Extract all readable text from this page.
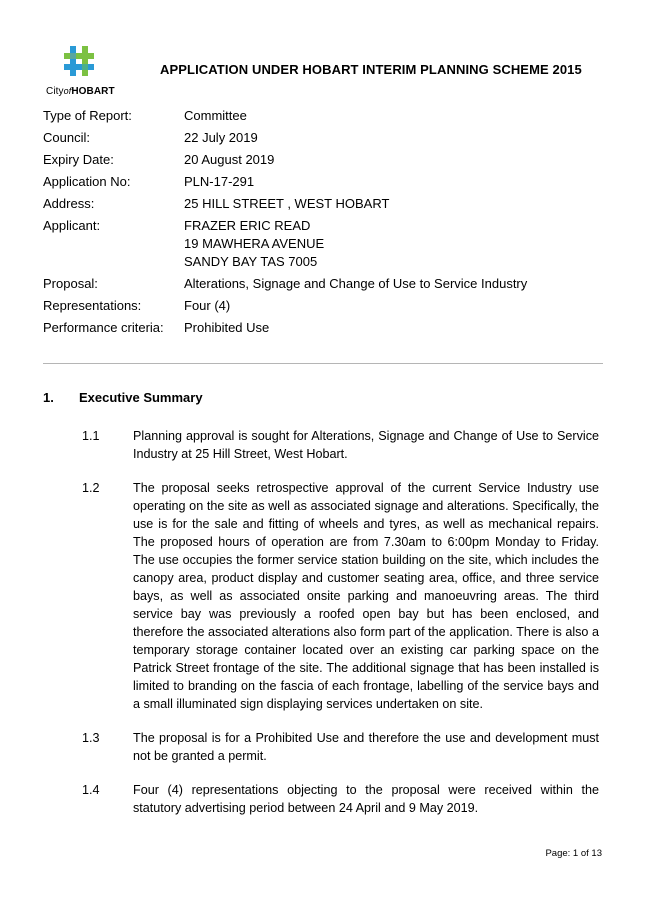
CityofHOBART
APPLICATION UNDER HOBART INTERIM PLANNING SCHEME 2015
Type of Report:	Committee
Council:	22 July 2019
Expiry Date:	20 August 2019
Application No:	PLN-17-291
Address:	25 HILL STREET , WEST HOBART
Applicant:	FRAZER ERIC READ
19 MAWHERA AVENUE
SANDY BAY TAS 7005
Proposal:	Alterations, Signage and Change of Use to Service Industry
Representations:	Four (4)
Performance criteria:	Prohibited Use
1.	Executive Summary
1.1	Planning approval is sought for Alterations, Signage and Change of Use to Service Industry at 25 Hill Street, West Hobart.
1.2	The proposal seeks retrospective approval of the current Service Industry use operating on the site as well as associated signage and alterations. Specifically, the use is for the sale and fitting of wheels and tyres, as well as mechanical repairs. The proposed hours of operation are from 7.30am to 6:00pm Monday to Friday. The use occupies the former service station building on the site, which includes the canopy area, product display and customer seating area, office, and three service bays, as well as associated onsite parking and manoeuvring areas. The third service bay was previously a roofed open bay but has been enclosed, and therefore the associated alterations also form part of the application. There is also a temporary storage container located over an existing car parking space on the Patrick Street frontage of the site. The additional signage that has been installed is limited to branding on the fascia of each frontage, labelling of the service bays and a small illuminated sign displaying services undertaken on site.
1.3	The proposal is for a Prohibited Use and therefore the use and development must not be granted a permit.
1.4	Four (4) representations objecting to the proposal were received within the statutory advertising period between 24 April and 9 May 2019.
Page: 1 of 13
